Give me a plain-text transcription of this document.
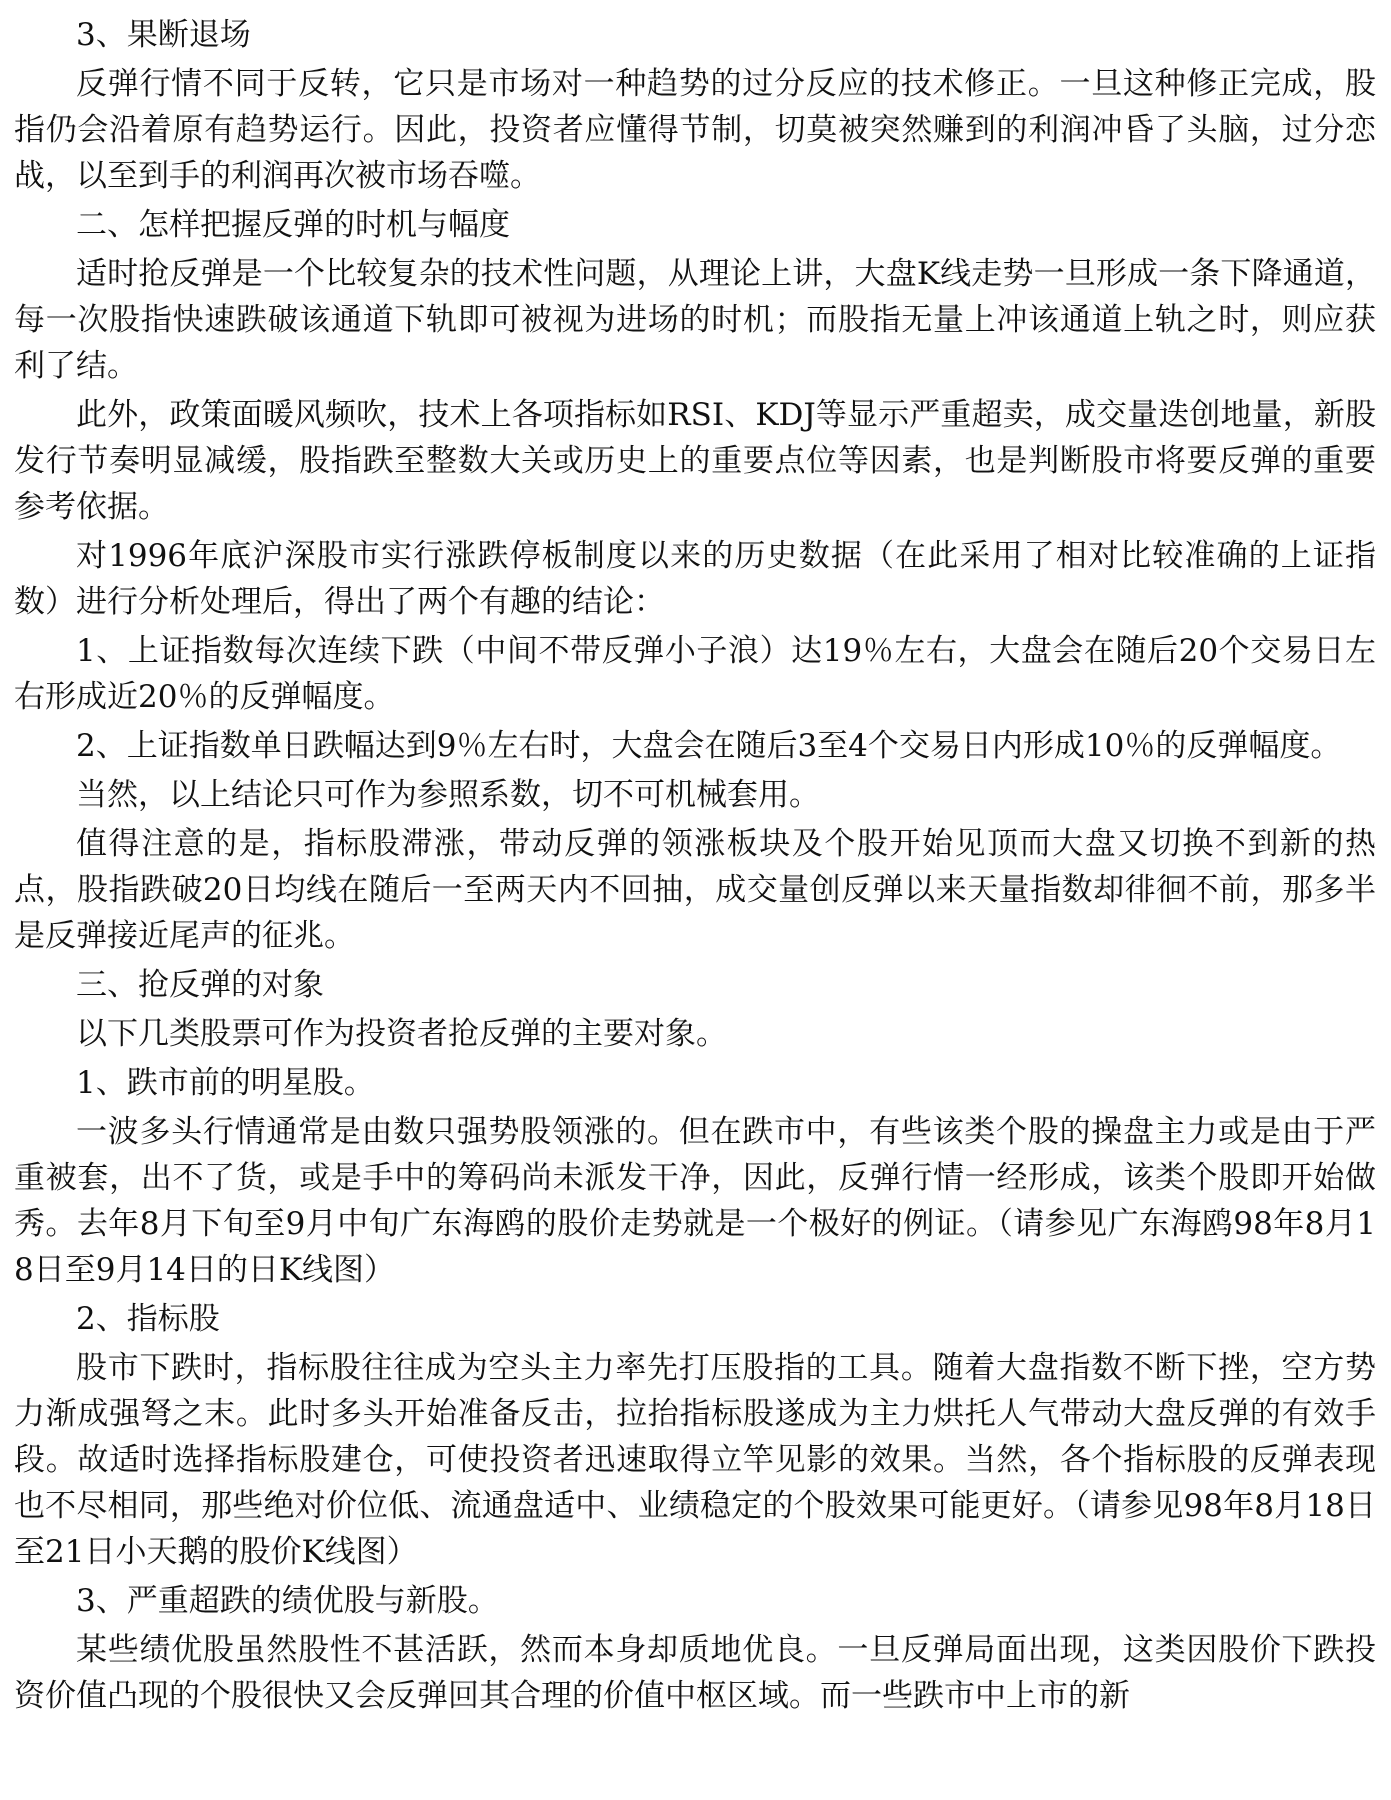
3、果断退场

反弹行情不同于反转，它只是市场对一种趋势的过分反应的技术修正。一旦这种修正完成，股指仍会沿着原有趋势运行。因此，投资者应懂得节制，切莫被突然赚到的利润冲昏了头脑，过分恋战，以至到手的利润再次被市场吞噬。

二、怎样把握反弹的时机与幅度

适时抢反弹是一个比较复杂的技术性问题，从理论上讲，大盘K线走势一旦形成一条下降通道，每一次股指快速跌破该通道下轨即可被视为进场的时机；而股指无量上冲该通道上轨之时，则应获利了结。

此外，政策面暖风频吹，技术上各项指标如RSI、KDJ等显示严重超卖，成交量迭创地量，新股发行节奏明显减缓，股指跌至整数大关或历史上的重要点位等因素，也是判断股市将要反弹的重要参考依据。

对1996年底沪深股市实行涨跌停板制度以来的历史数据（在此采用了相对比较准确的上证指数）进行分析处理后，得出了两个有趣的结论：

1、上证指数每次连续下跌（中间不带反弹小子浪）达19％左右，大盘会在随后20个交易日左右形成近20％的反弹幅度。

2、上证指数单日跌幅达到9％左右时，大盘会在随后3至4个交易日内形成10％的反弹幅度。

当然，以上结论只可作为参照系数，切不可机械套用。

值得注意的是，指标股滞涨，带动反弹的领涨板块及个股开始见顶而大盘又切换不到新的热点，股指跌破20日均线在随后一至两天内不回抽，成交量创反弹以来天量指数却徘徊不前，那多半是反弹接近尾声的征兆。

三、抢反弹的对象

以下几类股票可作为投资者抢反弹的主要对象。

1、跌市前的明星股。

一波多头行情通常是由数只强势股领涨的。但在跌市中，有些该类个股的操盘主力或是由于严重被套，出不了货，或是手中的筹码尚未派发干净，因此，反弹行情一经形成，该类个股即开始做秀。去年8月下旬至9月中旬广东海鸥的股价走势就是一个极好的例证。（请参见广东海鸥98年8月18日至9月14日的日K线图）

2、指标股

股市下跌时，指标股往往成为空头主力率先打压股指的工具。随着大盘指数不断下挫，空方势力渐成强弩之末。此时多头开始准备反击，拉抬指标股遂成为主力烘托人气带动大盘反弹的有效手段。故适时选择指标股建仓，可使投资者迅速取得立竿见影的效果。当然，各个指标股的反弹表现也不尽相同，那些绝对价位低、流通盘适中、业绩稳定的个股效果可能更好。（请参见98年8月18日至21日小天鹅的股价K线图）

3、严重超跌的绩优股与新股。

某些绩优股虽然股性不甚活跃，然而本身却质地优良。一旦反弹局面出现，这类因股价下跌投资价值凸现的个股很快又会反弹回其合理的价值中枢区域。而一些跌市中上市的新
